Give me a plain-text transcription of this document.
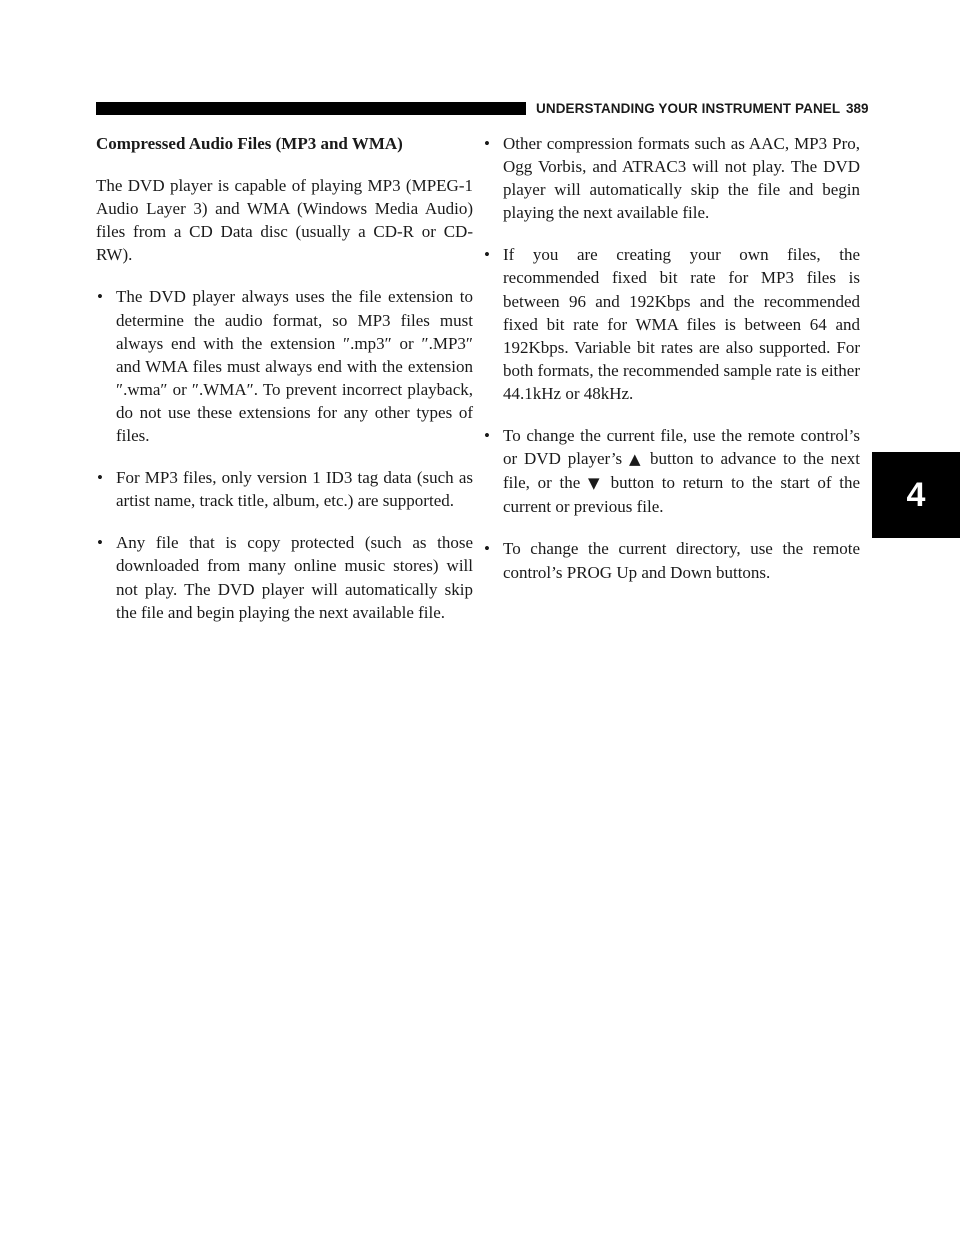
UNDERSTANDING YOUR INSTRUMENT PANEL 389
4
Compressed Audio Files (MP3 and WMA)

The DVD player is capable of playing MP3 (MPEG-1 Audio Layer 3) and WMA (Windows Media Audio) files from a CD Data disc (usually a CD-R or CD-RW).

• The DVD player always uses the file extension to determine the audio format, so MP3 files must always end with the extension ″.mp3″ or ″.MP3″ and WMA files must always end with the extension ″.wma″ or ″.WMA″. To prevent incorrect playback, do not use these extensions for any other types of files.
• For MP3 files, only version 1 ID3 tag data (such as artist name, track title, album, etc.) are supported.
• Any file that is copy protected (such as those downloaded from many online music stores) will not play. The DVD player will automatically skip the file and begin playing the next available file.
• Other compression formats such as AAC, MP3 Pro, Ogg Vorbis, and ATRAC3 will not play. The DVD player will automatically skip the file and begin playing the next available file.
• If you are creating your own files, the recommended fixed bit rate for MP3 files is between 96 and 192Kbps and the recommended fixed bit rate for WMA files is between 64 and 192Kbps. Variable bit rates are also supported. For both formats, the recommended sample rate is either 44.1kHz or 48kHz.
• To change the current file, use the remote control’s or DVD player’s ▲ button to advance to the next file, or the ▼ button to return to the start of the current or previous file.
• To change the current directory, use the remote control’s PROG Up and Down buttons.
